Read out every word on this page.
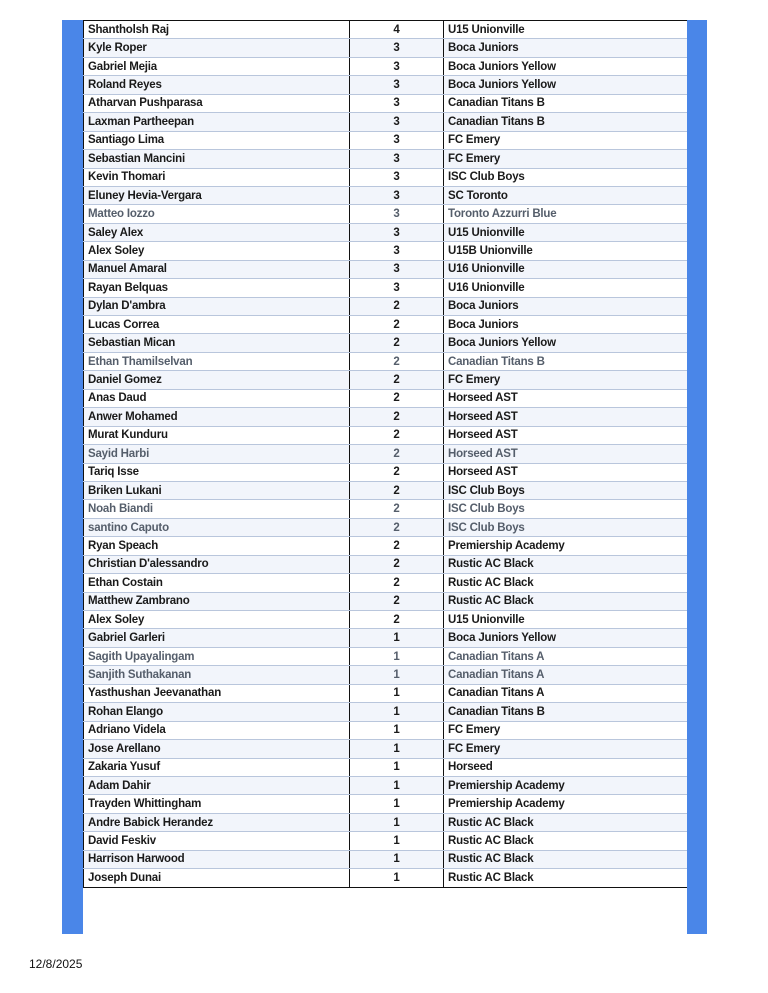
Shantholsh Raj	4	U15 Unionville
Kyle Roper	3	Boca Juniors
Gabriel Mejia	3	Boca Juniors Yellow
Roland Reyes	3	Boca Juniors Yellow
Atharvan Pushparasa	3	Canadian Titans B
Laxman Partheepan	3	Canadian Titans B
Santiago Lima	3	FC Emery
Sebastian Mancini	3	FC Emery
Kevin Thomari	3	ISC Club Boys
Eluney Hevia-Vergara	3	SC Toronto
Matteo Iozzo	3	Toronto Azzurri Blue
Saley Alex	3	U15 Unionville
Alex Soley	3	U15B Unionville
Manuel Amaral	3	U16 Unionville
Rayan Belquas	3	U16 Unionville
Dylan D'ambra	2	Boca Juniors
Lucas Correa	2	Boca Juniors
Sebastian Mican	2	Boca Juniors Yellow
Ethan Thamilselvan	2	Canadian Titans B
Daniel Gomez	2	FC Emery
Anas Daud	2	Horseed AST
Anwer Mohamed	2	Horseed AST
Murat Kunduru	2	Horseed AST
Sayid Harbi	2	Horseed AST
Tariq Isse	2	Horseed AST
Briken Lukani	2	ISC Club Boys
Noah Biandi	2	ISC Club Boys
santino Caputo	2	ISC Club Boys
Ryan Speach	2	Premiership Academy
Christian D'alessandro	2	Rustic AC Black
Ethan Costain	2	Rustic AC Black
Matthew Zambrano	2	Rustic AC Black
Alex Soley	2	U15 Unionville
Gabriel Garleri	1	Boca Juniors Yellow
Sagith Upayalingam	1	Canadian Titans A
Sanjith Suthakanan	1	Canadian Titans A
Yasthushan Jeevanathan	1	Canadian Titans A
Rohan Elango	1	Canadian Titans B
Adriano Videla	1	FC Emery
Jose Arellano	1	FC Emery
Zakaria Yusuf	1	Horseed
Adam Dahir	1	Premiership Academy
Trayden Whittingham	1	Premiership Academy
Andre Babick Herandez	1	Rustic AC Black
David Feskiv	1	Rustic AC Black
Harrison Harwood	1	Rustic AC Black
Joseph Dunai	1	Rustic AC Black
12/8/2025
